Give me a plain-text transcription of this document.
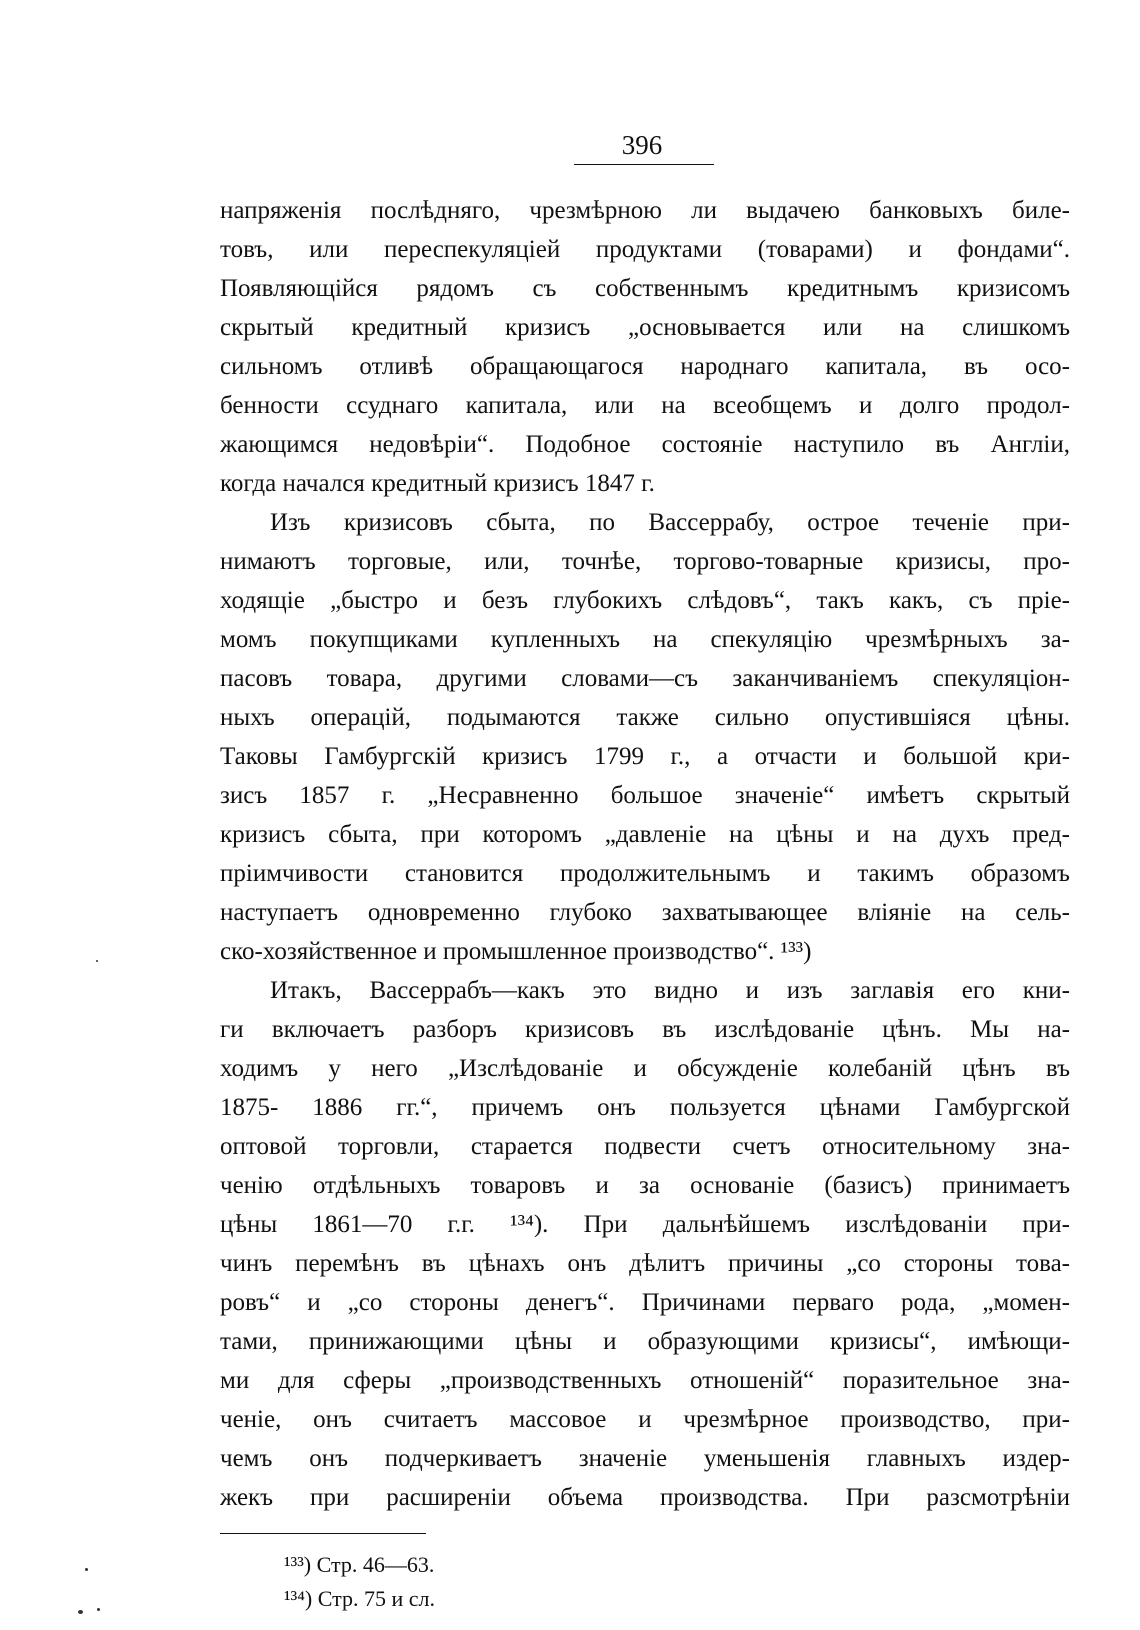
396
напряженія послѣдняго, чрезмѣрною ли выдачею банковыхъ биле-
товъ, или переспекуляціей продуктами (товарами) и фондами“.
Появляющійся рядомъ съ собственнымъ кредитнымъ кризисомъ
скрытый кредитный кризисъ „основывается или на слишкомъ
сильномъ отливѣ обращающагося народнаго капитала, въ осо-
бенности ссуднаго капитала, или на всеобщемъ и долго продол-
жающимся недовѣріи“. Подобное состояніе наступило въ Англіи,
когда начался кредитный кризисъ 1847 г.
Изъ кризисовъ сбыта, по Вассеррабу, острое теченіе при-
нимаютъ торговые, или, точнѣе, торгово-товарные кризисы, про-
ходящіе „быстро и безъ глубокихъ слѣдовъ“, такъ какъ, съ прiе-
момъ покупщиками купленныхъ на спекуляцію чрезмѣрныхъ за-
пасовъ товара, другими словами—съ заканчиваніемъ спекуляціон-
ныхъ операцій, подымаются также сильно опустившіяся цѣны.
Таковы Гамбургскій кризисъ 1799 г., а отчасти и большой кри-
зисъ 1857 г. „Несравненно большое значеніе“ имѣетъ скрытый
кризисъ сбыта, при которомъ „давленіе на цѣны и на духъ пред-
пріимчивости становится продолжительнымъ и такимъ образомъ
наступаетъ одновременно глубоко захватывающее вліяніе на сель-
ско-хозяйственное и промышленное производство“. ¹³³)
Итакъ, Вассеррабъ—какъ это видно и изъ заглавія его кни-
ги включаетъ разборъ кризисовъ въ изслѣдованіе цѣнъ. Мы на-
ходимъ у него „Изслѣдованіе и обсужденіе колебаній цѣнъ въ
1875- 1886 гг.“, причемъ онъ пользуется цѣнами Гамбургской
оптовой торговли, старается подвести счетъ относительному зна-
ченію отдѣльныхъ товаровъ и за основаніе (базисъ) принимаетъ
цѣны 1861—70 г.г. ¹³⁴). При дальнѣйшемъ изслѣдованіи при-
чинъ перемѣнъ въ цѣнахъ онъ дѣлитъ причины „со стороны това-
ровъ“ и „со стороны денегъ“. Причинами перваго рода, „момен-
тами, принижающими цѣны и образующими кризисы“, имѣющи-
ми для сферы „производственныхъ отношеній“ поразительное зна-
ченіе, онъ считаетъ массовое и чрезмѣрное производство, при-
чемъ онъ подчеркиваетъ значеніе уменьшенія главныхъ издер-
жекъ при расширеніи объема производства. При разсмотрѣніи
¹³³) Стр. 46—63.
¹³⁴) Стр. 75 и сл.
